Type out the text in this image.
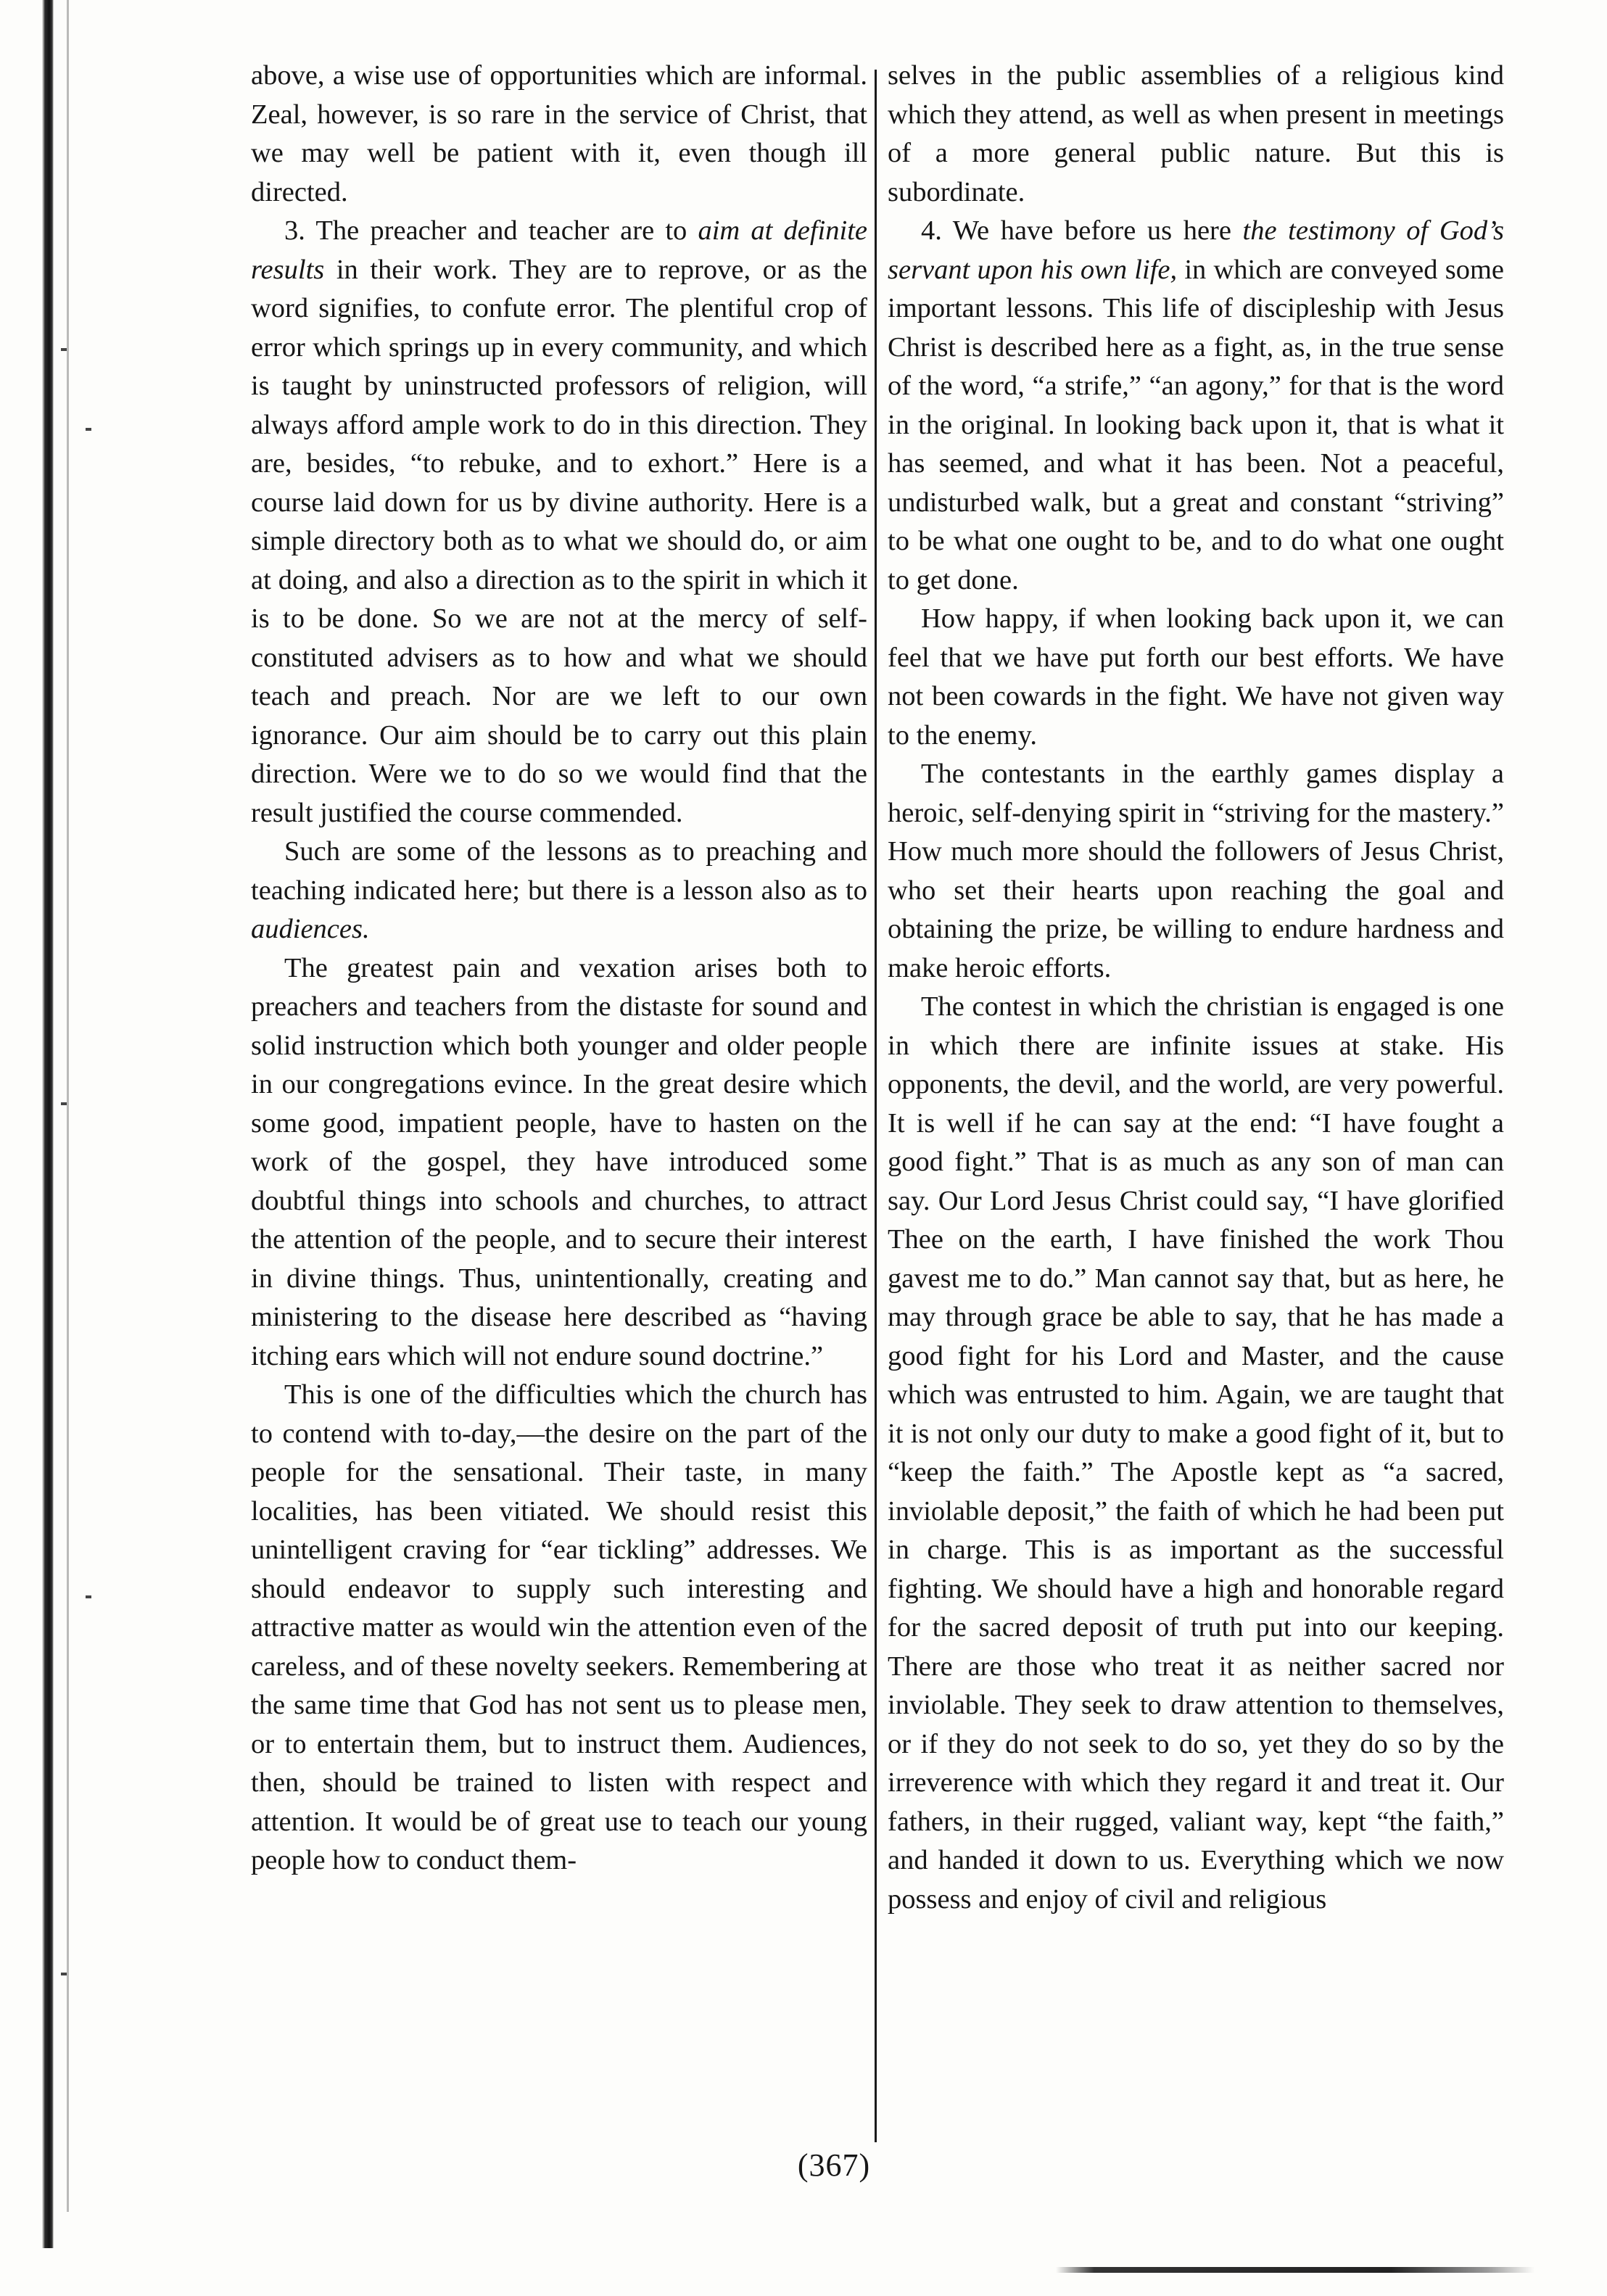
above, a wise use of opportunities which are informal. Zeal, however, is so rare in the service of Christ, that we may well be patient with it, even though ill directed.

3. The preacher and teacher are to aim at definite results in their work. They are to reprove, or as the word signifies, to confute error. The plentiful crop of error which springs up in every community, and which is taught by uninstructed professors of religion, will always afford ample work to do in this direction. They are, besides, “to rebuke, and to exhort.” Here is a course laid down for us by divine authority. Here is a simple directory both as to what we should do, or aim at doing, and also a direction as to the spirit in which it is to be done. So we are not at the mercy of self-constituted advisers as to how and what we should teach and preach. Nor are we left to our own ignorance. Our aim should be to carry out this plain direction. Were we to do so we would find that the result justified the course commended.

Such are some of the lessons as to preaching and teaching indicated here; but there is a lesson also as to audiences.

The greatest pain and vexation arises both to preachers and teachers from the distaste for sound and solid instruction which both younger and older people in our congregations evince. In the great desire which some good, impatient people, have to hasten on the work of the gospel, they have introduced some doubtful things into schools and churches, to attract the attention of the people, and to secure their interest in divine things. Thus, unintentionally, creating and ministering to the disease here described as “having itching ears which will not endure sound doctrine.”

This is one of the difficulties which the church has to contend with to-day,—the desire on the part of the people for the sensational. Their taste, in many localities, has been vitiated. We should resist this unintelligent craving for “ear tickling” addresses. We should endeavor to supply such interesting and attractive matter as would win the attention even of the careless, and of these novelty seekers. Remembering at the same time that God has not sent us to please men, or to entertain them, but to instruct them. Audiences, then, should be trained to listen with respect and attention. It would be of great use to teach our young people how to conduct them-

selves in the public assemblies of a religious kind which they attend, as well as when present in meetings of a more general public nature. But this is subordinate.

4. We have before us here the testimony of God’s servant upon his own life, in which are conveyed some important lessons. This life of discipleship with Jesus Christ is described here as a fight, as, in the true sense of the word, “a strife,” “an agony,” for that is the word in the original. In looking back upon it, that is what it has seemed, and what it has been. Not a peaceful, undisturbed walk, but a great and constant “striving” to be what one ought to be, and to do what one ought to get done.

How happy, if when looking back upon it, we can feel that we have put forth our best efforts. We have not been cowards in the fight. We have not given way to the enemy.

The contestants in the earthly games display a heroic, self-denying spirit in “striving for the mastery.” How much more should the followers of Jesus Christ, who set their hearts upon reaching the goal and obtaining the prize, be willing to endure hardness and make heroic efforts.

The contest in which the christian is engaged is one in which there are infinite issues at stake. His opponents, the devil, and the world, are very powerful. It is well if he can say at the end: “I have fought a good fight.” That is as much as any son of man can say. Our Lord Jesus Christ could say, “I have glorified Thee on the earth, I have finished the work Thou gavest me to do.” Man cannot say that, but as here, he may through grace be able to say, that he has made a good fight for his Lord and Master, and the cause which was entrusted to him. Again, we are taught that it is not only our duty to make a good fight of it, but to “keep the faith.” The Apostle kept as “a sacred, inviolable deposit,” the faith of which he had been put in charge. This is as important as the successful fighting. We should have a high and honorable regard for the sacred deposit of truth put into our keeping. There are those who treat it as neither sacred nor inviolable. They seek to draw attention to themselves, or if they do not seek to do so, yet they do so by the irreverence with which they regard it and treat it. Our fathers, in their rugged, valiant way, kept “the faith,” and handed it down to us. Everything which we now possess and enjoy of civil and religious

(367)
